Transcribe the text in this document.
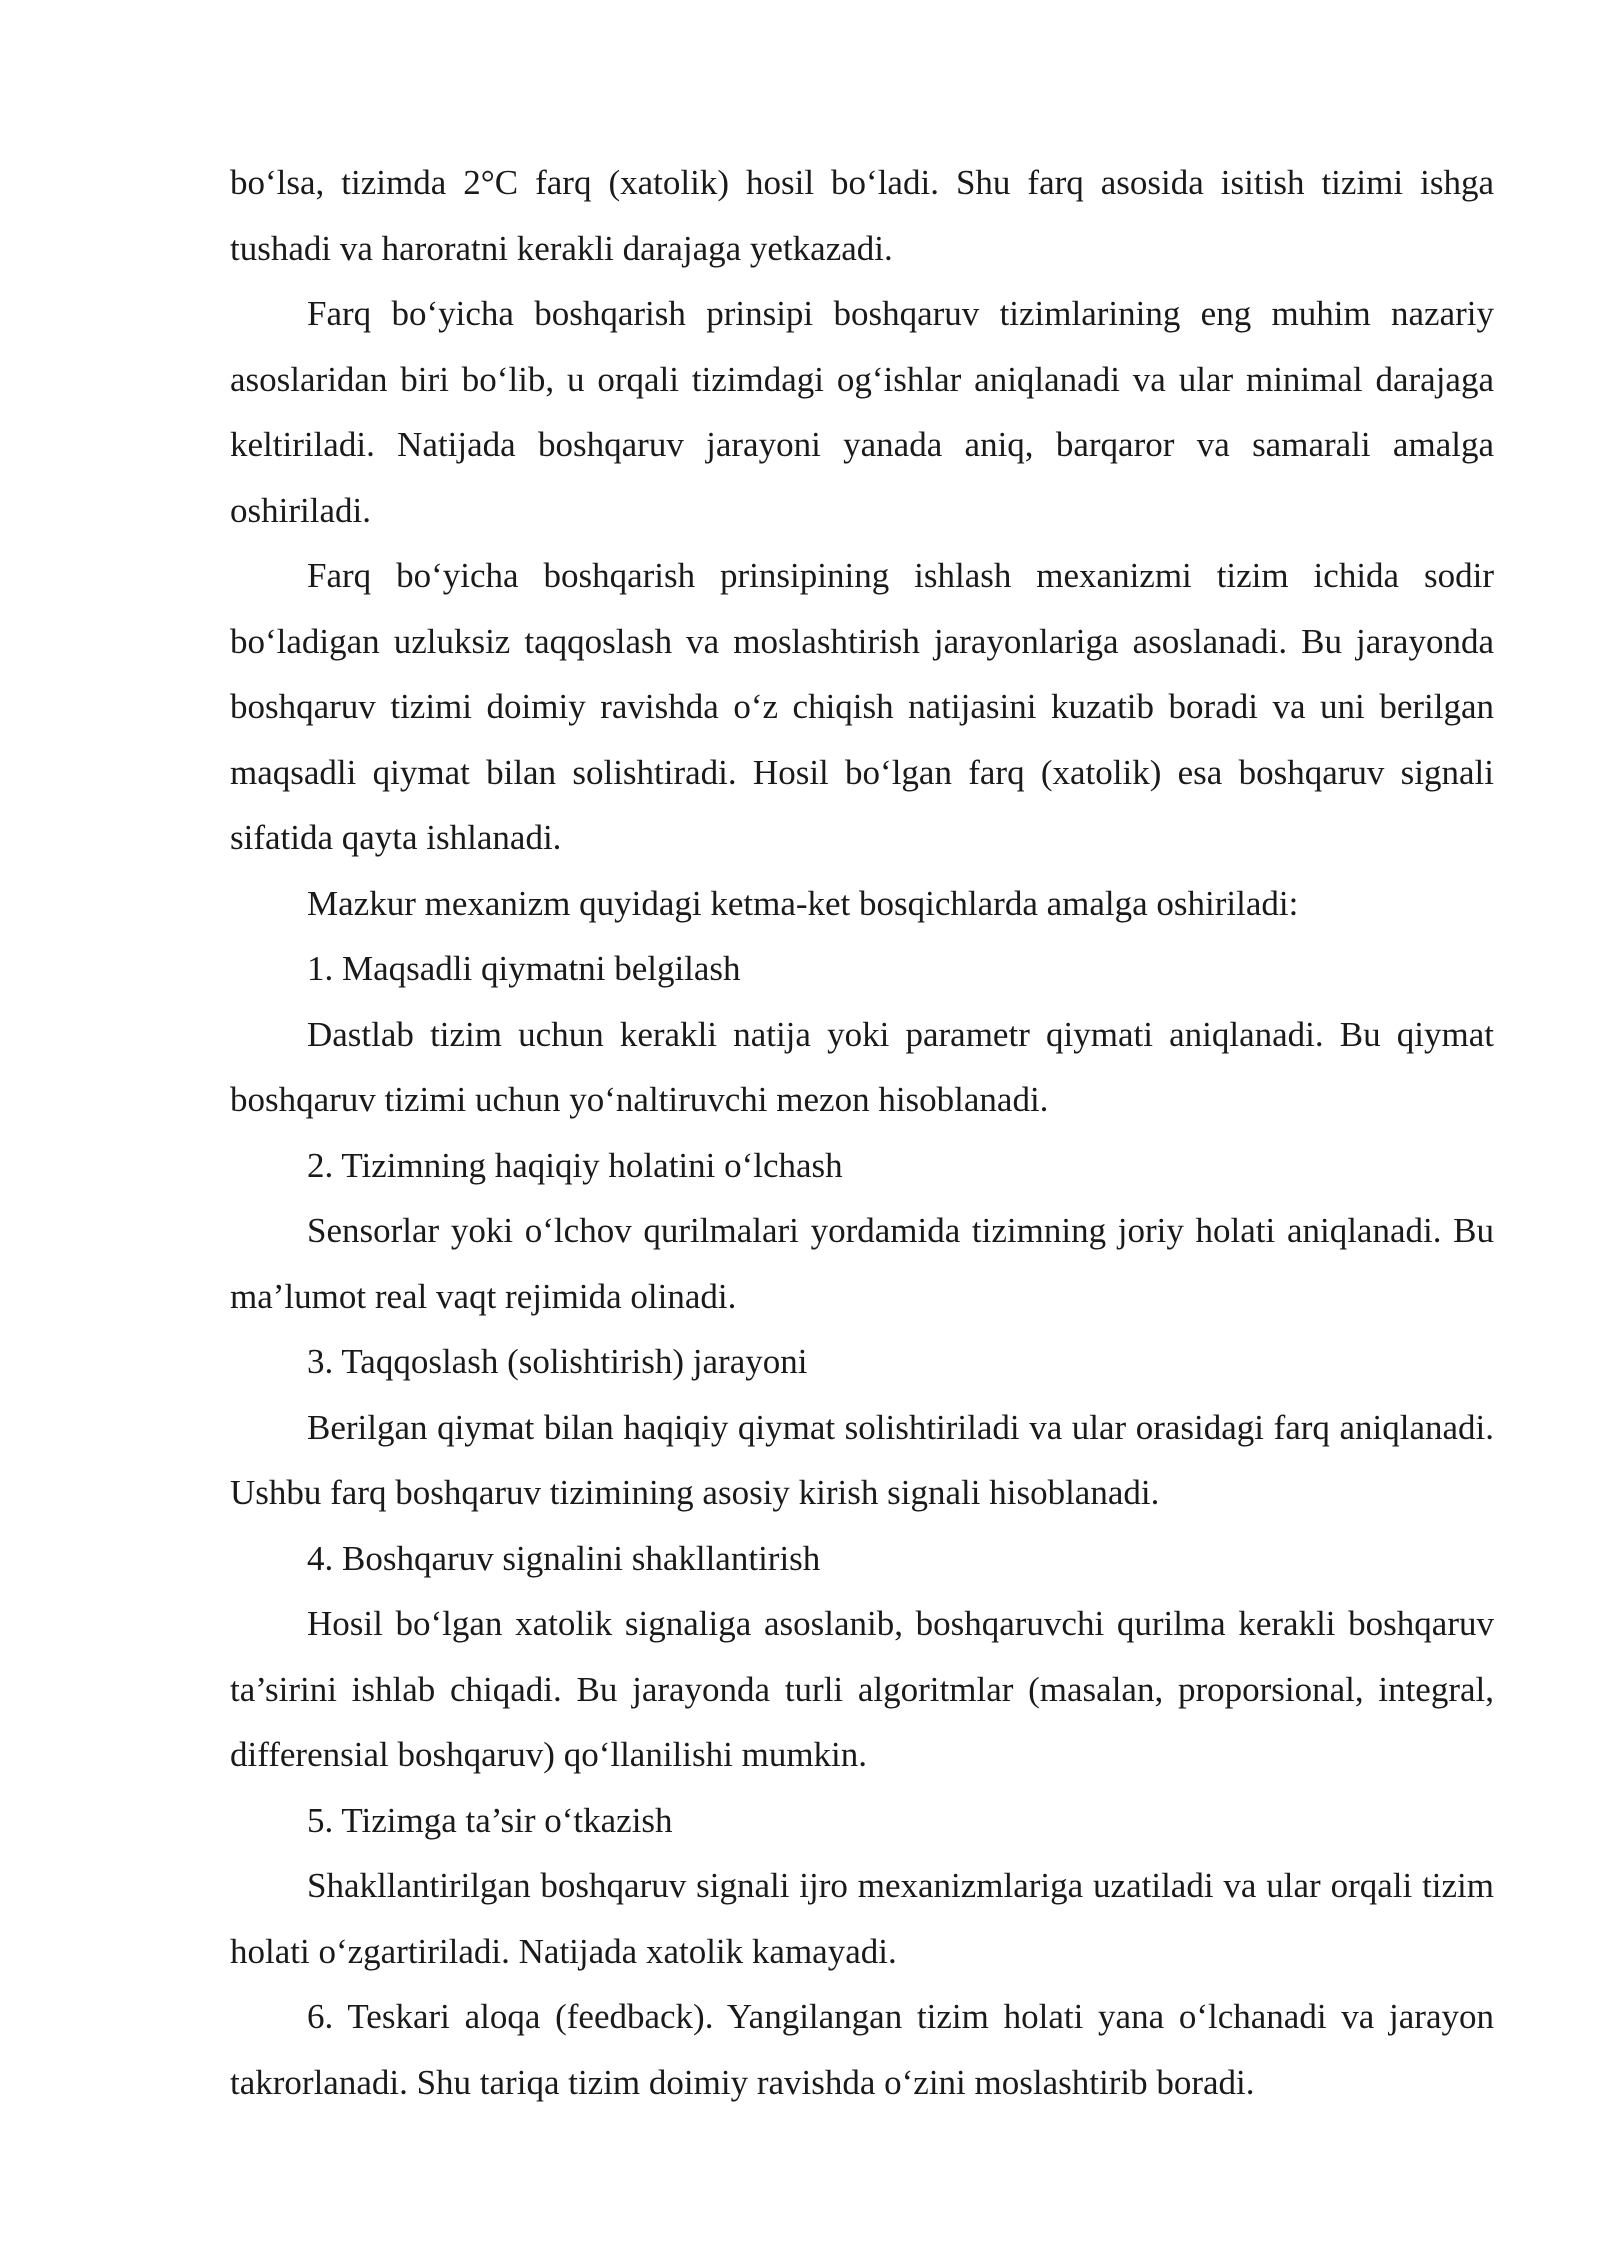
bo‘lsa, tizimda 2°C farq (xatolik) hosil bo‘ladi. Shu farq asosida isitish tizimi ishga tushadi va haroratni kerakli darajaga yetkazadi.

Farq bo‘yicha boshqarish prinsipi boshqaruv tizimlarining eng muhim nazariy asoslaridan biri bo‘lib, u orqali tizimdagi og‘ishlar aniqlanadi va ular minimal darajaga keltiriladi. Natijada boshqaruv jarayoni yanada aniq, barqaror va samarali amalga oshiriladi.

Farq bo‘yicha boshqarish prinsipining ishlash mexanizmi tizim ichida sodir bo‘ladigan uzluksiz taqqoslash va moslashtirish jarayonlariga asoslanadi. Bu jarayonda boshqaruv tizimi doimiy ravishda o‘z chiqish natijasini kuzatib boradi va uni berilgan maqsadli qiymat bilan solishtiradi. Hosil bo‘lgan farq (xatolik) esa boshqaruv signali sifatida qayta ishlanadi.

Mazkur mexanizm quyidagi ketma-ket bosqichlarda amalga oshiriladi:

1. Maqsadli qiymatni belgilash

Dastlab tizim uchun kerakli natija yoki parametr qiymati aniqlanadi. Bu qiymat boshqaruv tizimi uchun yo‘naltiruvchi mezon hisoblanadi.

2. Tizimning haqiqiy holatini o‘lchash

Sensorlar yoki o‘lchov qurilmalari yordamida tizimning joriy holati aniqlanadi. Bu ma’lumot real vaqt rejimida olinadi.

3. Taqqoslash (solishtirish) jarayoni

Berilgan qiymat bilan haqiqiy qiymat solishtiriladi va ular orasidagi farq aniqlanadi. Ushbu farq boshqaruv tizimining asosiy kirish signali hisoblanadi.

4. Boshqaruv signalini shakllantirish

Hosil bo‘lgan xatolik signaliga asoslanib, boshqaruvchi qurilma kerakli boshqaruv ta’sirini ishlab chiqadi. Bu jarayonda turli algoritmlar (masalan, proporsional, integral, differensial boshqaruv) qo‘llanilishi mumkin.

5. Tizimga ta’sir o‘tkazish

Shakllantirilgan boshqaruv signali ijro mexanizmlariga uzatiladi va ular orqali tizim holati o‘zgartiriladi. Natijada xatolik kamayadi.

6. Teskari aloqa (feedback). Yangilangan tizim holati yana o‘lchanadi va jarayon takrorlanadi. Shu tariqa tizim doimiy ravishda o‘zini moslashtirib boradi.
